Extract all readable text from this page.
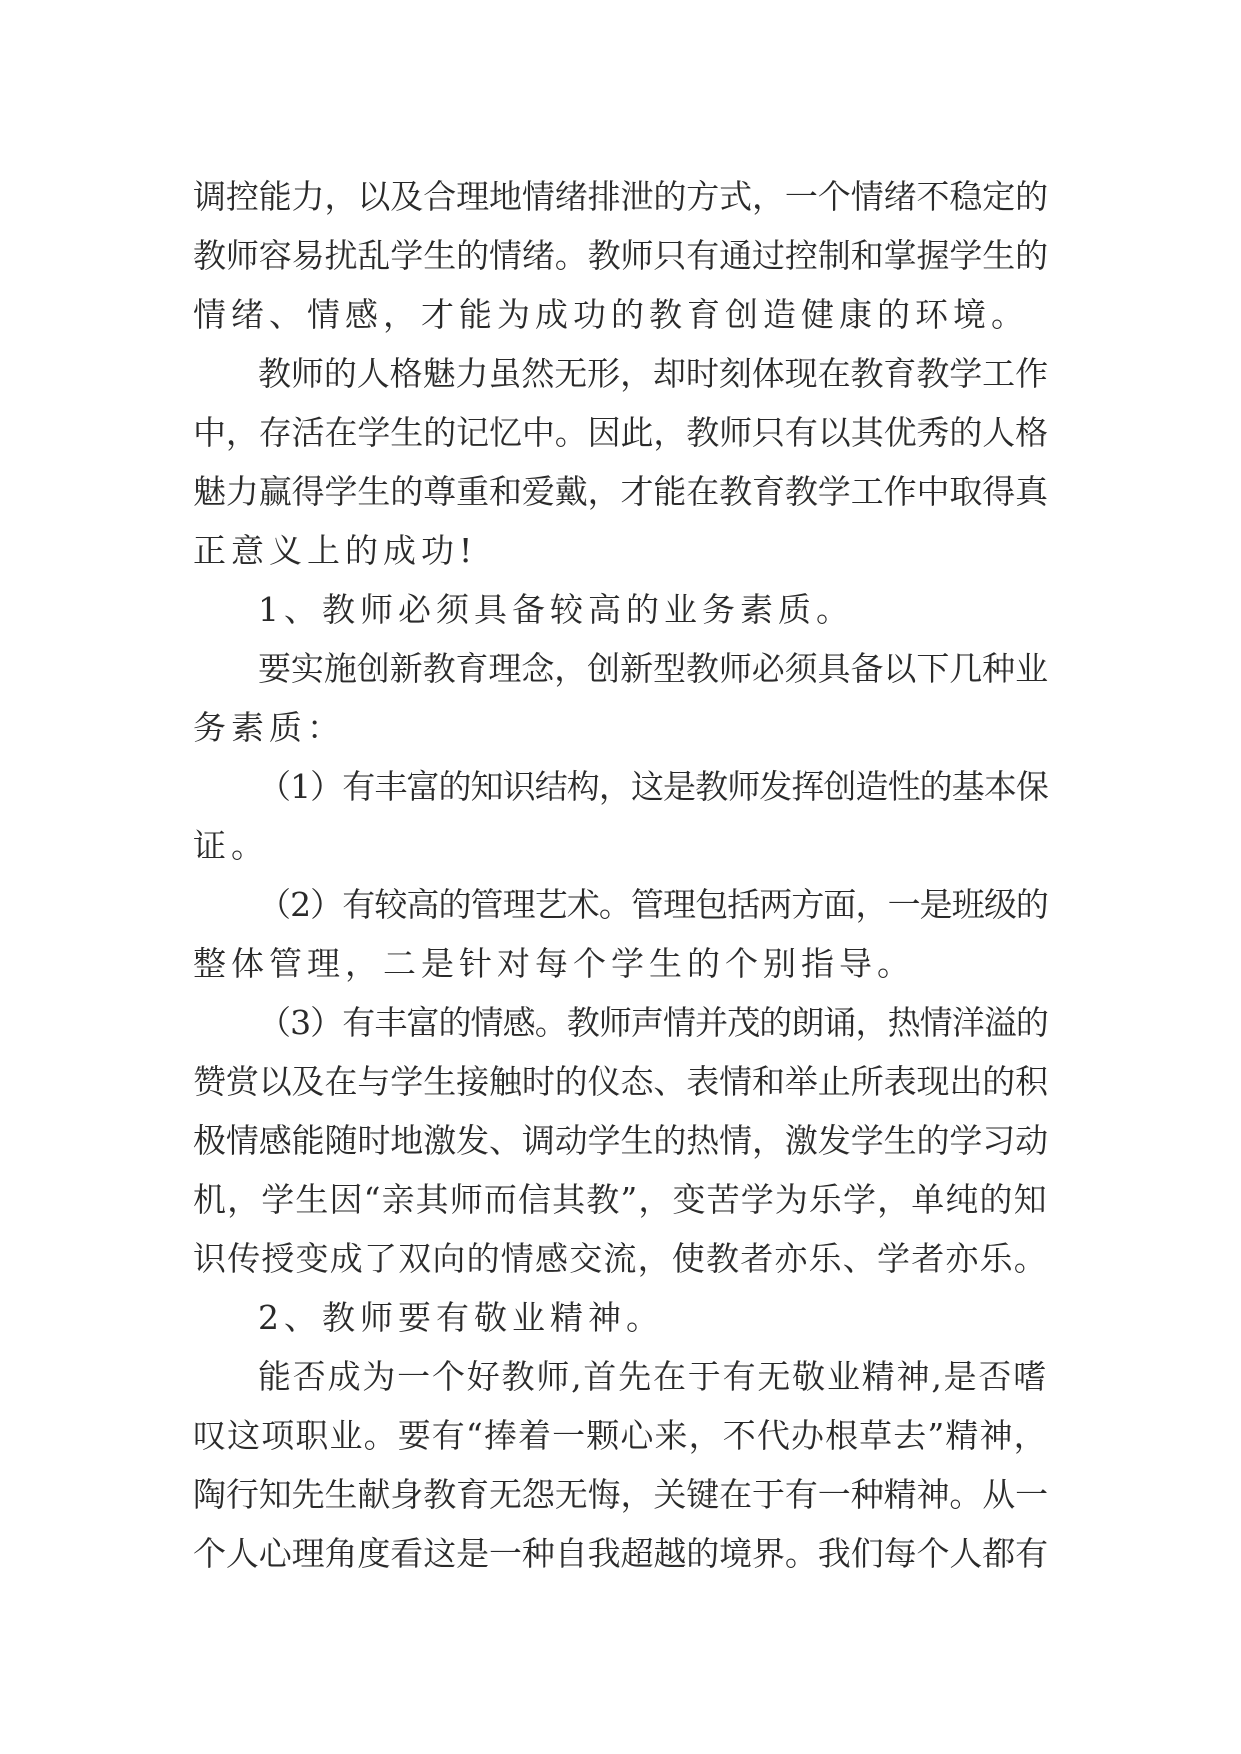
调控能力，以及合理地情绪排泄的方式，一个情绪不稳定的
教师容易扰乱学生的情绪。教师只有通过控制和掌握学生的
情绪、情感，才能为成功的教育创造健康的环境。
教师的人格魅力虽然无形，却时刻体现在教育教学工作
中，存活在学生的记忆中。因此，教师只有以其优秀的人格
魅力赢得学生的尊重和爱戴，才能在教育教学工作中取得真
正意义上的成功!
1、教师必须具备较高的业务素质。
要实施创新教育理念，创新型教师必须具备以下几种业
务素质：
（1）有丰富的知识结构，这是教师发挥创造性的基本保
证。
（2）有较高的管理艺术。管理包括两方面，一是班级的
整体管理，二是针对每个学生的个别指导。
（3）有丰富的情感。教师声情并茂的朗诵，热情洋溢的
赞赏以及在与学生接触时的仪态、表情和举止所表现出的积
极情感能随时地激发、调动学生的热情，激发学生的学习动
机，学生因“亲其师而信其教”，变苦学为乐学，单纯的知
识传授变成了双向的情感交流，使教者亦乐、学者亦乐。
2、教师要有敬业精神。
能否成为一个好教师,首先在于有无敬业精神,是否嗜
叹这项职业。要有“捧着一颗心来，不代办根草去”精神，
陶行知先生献身教育无怨无悔，关键在于有一种精神。从一
个人心理角度看这是一种自我超越的境界。我们每个人都有
